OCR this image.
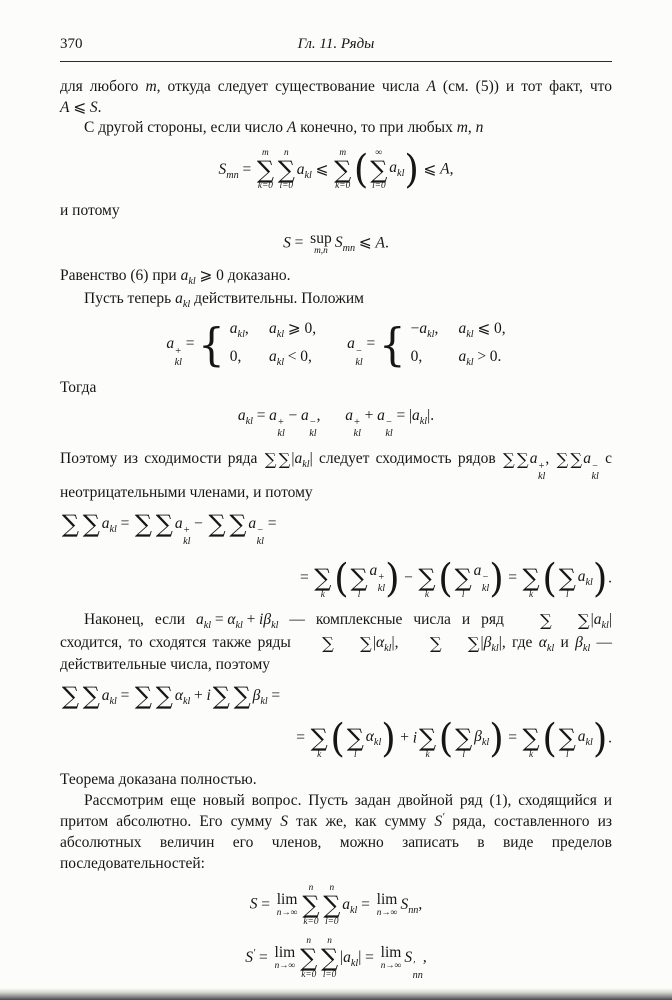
370	Гл. 11. Ряды

для любого m, откуда следует существование числа A (см. (5)) и тот факт, что A ⩽ S.

С другой стороны, если число A конечно, то при любых m, n

$S_{mn}$ =
m
∑
k=0
n
∑
l=0
$a_{kl}$ ⩽
m
∑
k=0 ( ∞
∑
l=0
$a_{kl}$ ) ⩽ A,

и потому

S = sup
m,n $S_{mn}$ ⩽ A.

Равенство (6) при $a_{kl}$ ⩾ 0 доказано.

Пусть теперь $a_{kl}$ действительны. Положим

a +
kl
= { $a_{kl}$, $a_{kl}$ ⩾ 0,
0,	$a_{kl} < 0$,
a −
kl
= { $-a_{kl}$, $a_{kl}$ ⩽ 0,
0,	$a_{kl} > 0$.

Тогда

$a_{kl} = a$ +
kl
− a −
kl
, a +
kl
+ a −
kl
= $|a_{kl}|$.

Поэтому из сходимости ряда ∑ ∑ $|a_{kl}|$ следует сходимость рядов ∑ ∑ a +
kl
, ∑ ∑ a −
kl
с неотрицательными членами, и потому

∑ ∑ $a_{kl}$ = ∑ ∑ a +
kl
− ∑ ∑ a −
kl
=
= ∑
k ( ∑
l
a +
kl ) − ∑
k ( ∑
l
a −
kl ) = ∑
k ( ∑
l
$a_{kl}$ ) .

Наконец, если $a_{kl} = \alpha_{kl} + i\beta_{kl}$ — комплексные числа и ряд	∑	∑ $|a_{kl}|$ сходится, то сходятся также ряды	∑	∑ $|\alpha_{kl}|$,	∑	∑ $|\beta_{kl}|$, где $\alpha_{kl}$ и $\beta_{kl}$ — действительные числа, поэтому

∑ ∑ $a_{kl}$ = ∑ ∑ $\alpha_{kl} + i$ ∑ ∑ $\beta_{kl}$ =
= ∑
k ( ∑
l
$\alpha_{kl}$ ) + i ∑
k ( ∑
l
$\beta_{kl}$ ) = ∑
k ( ∑
l
$a_{kl}$ ) .

Теорема доказана полностью.

Рассмотрим еще новый вопрос. Пусть задан двойной ряд (1), сходящийся и притом абсолютно. Его сумму S так же, как сумму S′ ряда, составленного из абсолютных величин его членов, можно записать в виде пределов последовательностей:

S = lim
n→∞
n
∑
k=0
n
∑
l=0
$a_{kl} = \lim$
n→∞ $S_{nn}$,
S′ = lim
n→∞
n
∑
k=0
n
∑
l=0
$|a_{kl}| = \lim$
n→∞ S ′
nn
,
